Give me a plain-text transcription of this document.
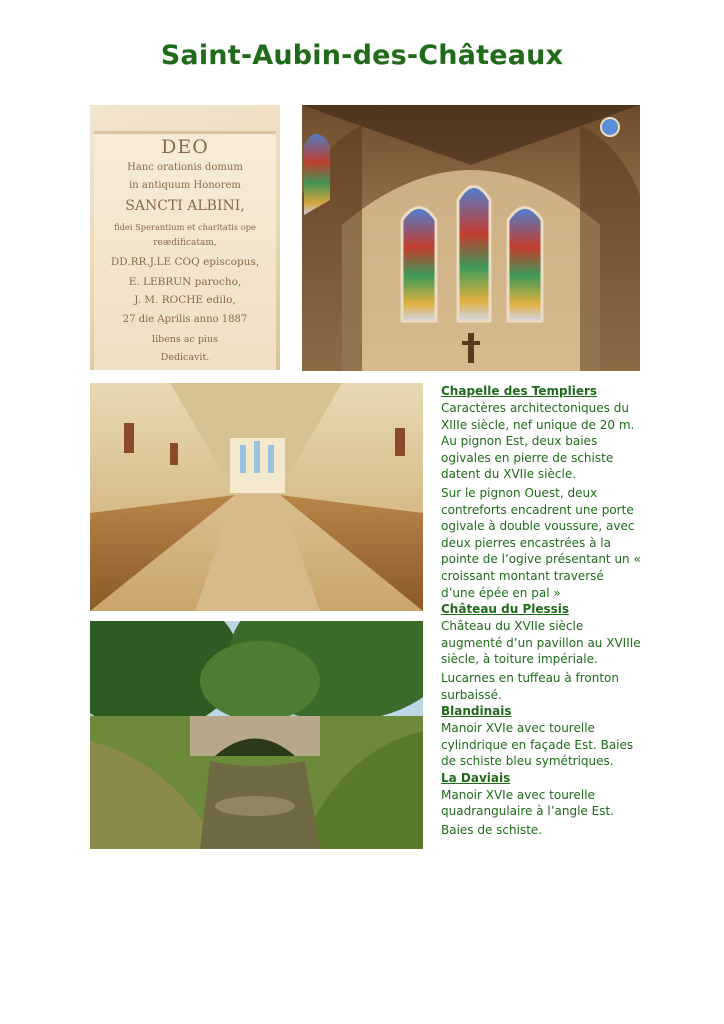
Saint-Aubin-des-Châteaux

DEO

Hanc orationis domum

in antiquum Honorem

SANCTI ALBINI,

fidei Sperantium et charitatis ope

reædificatam,

DD.RR.J.LE COQ episcopus,

E. LEBRUN parocho,

J. M. ROCHE edilo,

27 die Aprilis anno 1887

libens ac pius

Dedicavit.

Chapelle des Templiers

Caractères architectoniques du XIIIe siècle, nef unique de 20 m. Au pignon Est, deux baies ogivales en pierre de schiste datent du XVIIe siècle.

Sur le pignon Ouest, deux contreforts encadrent une porte ogivale à double voussure, avec deux pierres encastrées à la pointe de l’ogive présentant un « croissant montant traversé d’une épée en pal »

Château du Plessis

Château du XVIIe siècle augmenté d’un pavillon au XVIIIe siècle, à toiture impériale.

Lucarnes en tuffeau à fronton surbaissé.

Blandinais

Manoir XVIe avec tourelle cylindrique en façade Est. Baies de schiste bleu symétriques.

La Daviais

Manoir XVIe avec tourelle quadrangulaire à l’angle Est.

Baies de schiste.
